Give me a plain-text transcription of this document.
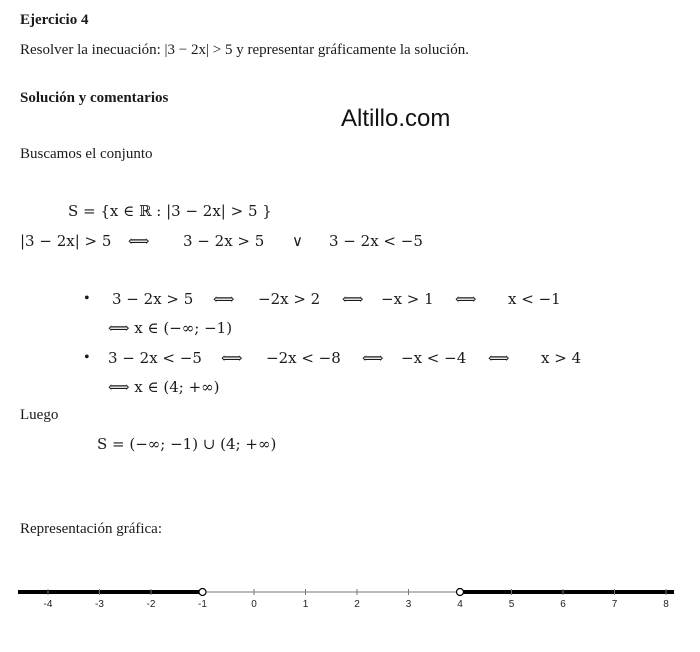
Ejercicio 4
Resolver la inecuación: |3 − 2x| > 5 y representar gráficamente la solución.
Solución y comentarios
Altillo.com
Buscamos el conjunto
S = {x ∈ ℝ : |3 − 2x| > 5 }
|3 − 2x| > 5 ⟺ 3 − 2x > 5 ∨ 3 − 2x < −5
• 3 − 2x > 5 ⟺ −2x > 2 ⟺ −x > 1 ⟺ x < −1
⟺ x ∈ (−∞; −1)
• 3 − 2x < −5 ⟺ −2x < −8 ⟺ −x < −4 ⟺ x > 4
⟺ x ∈ (4; +∞)
Luego
S = (−∞; −1) ∪ (4; +∞)
Representación gráfica:
-4	-3	-2	-1	0	1	2	3	4	5	6	7	8
